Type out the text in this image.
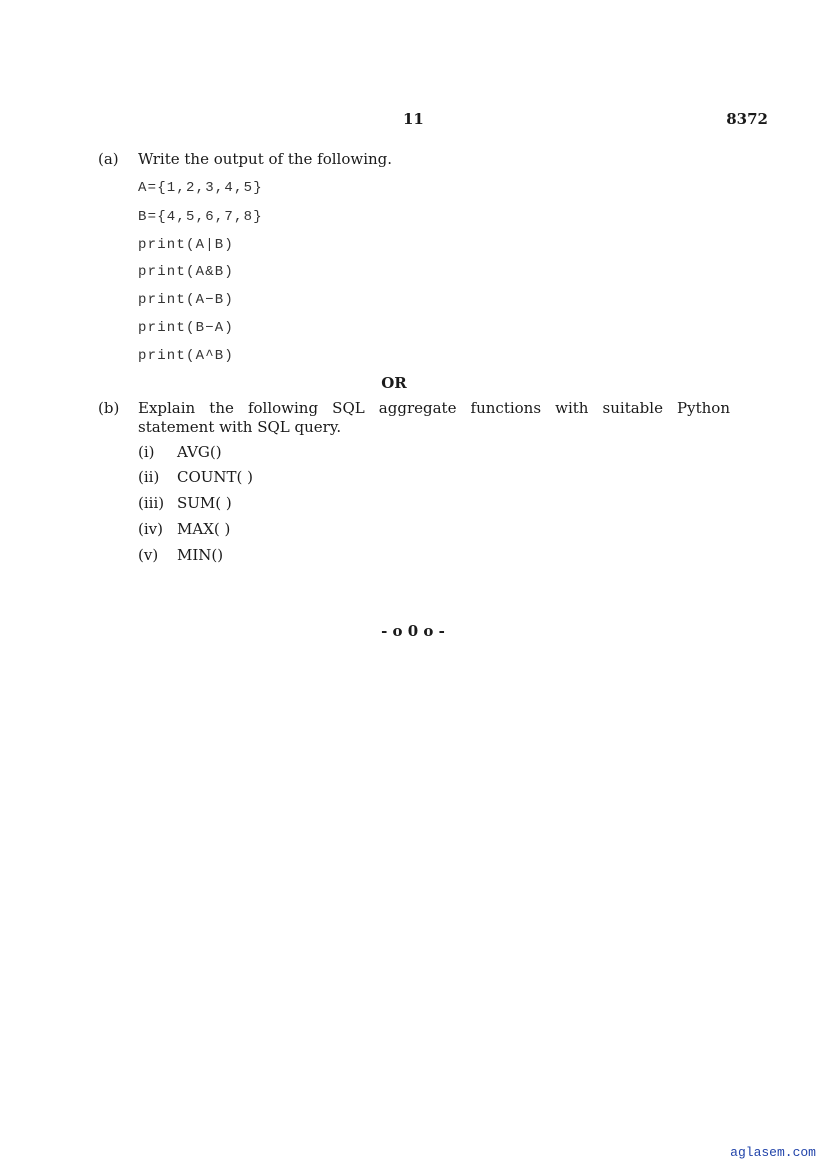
11	8372
(a) Write the output of the following.
A={1,2,3,4,5}
B={4,5,6,7,8}
print(A|B)
print(A&B)
print(A−B)
print(B−A)
print(A^B)
OR
(b) Explain the following SQL aggregate functions with suitable Python statement with SQL query.
(i) AVG()
(ii) COUNT( )
(iii) SUM( )
(iv) MAX( )
(v) MIN()
- o 0 o -
aglasem.com
